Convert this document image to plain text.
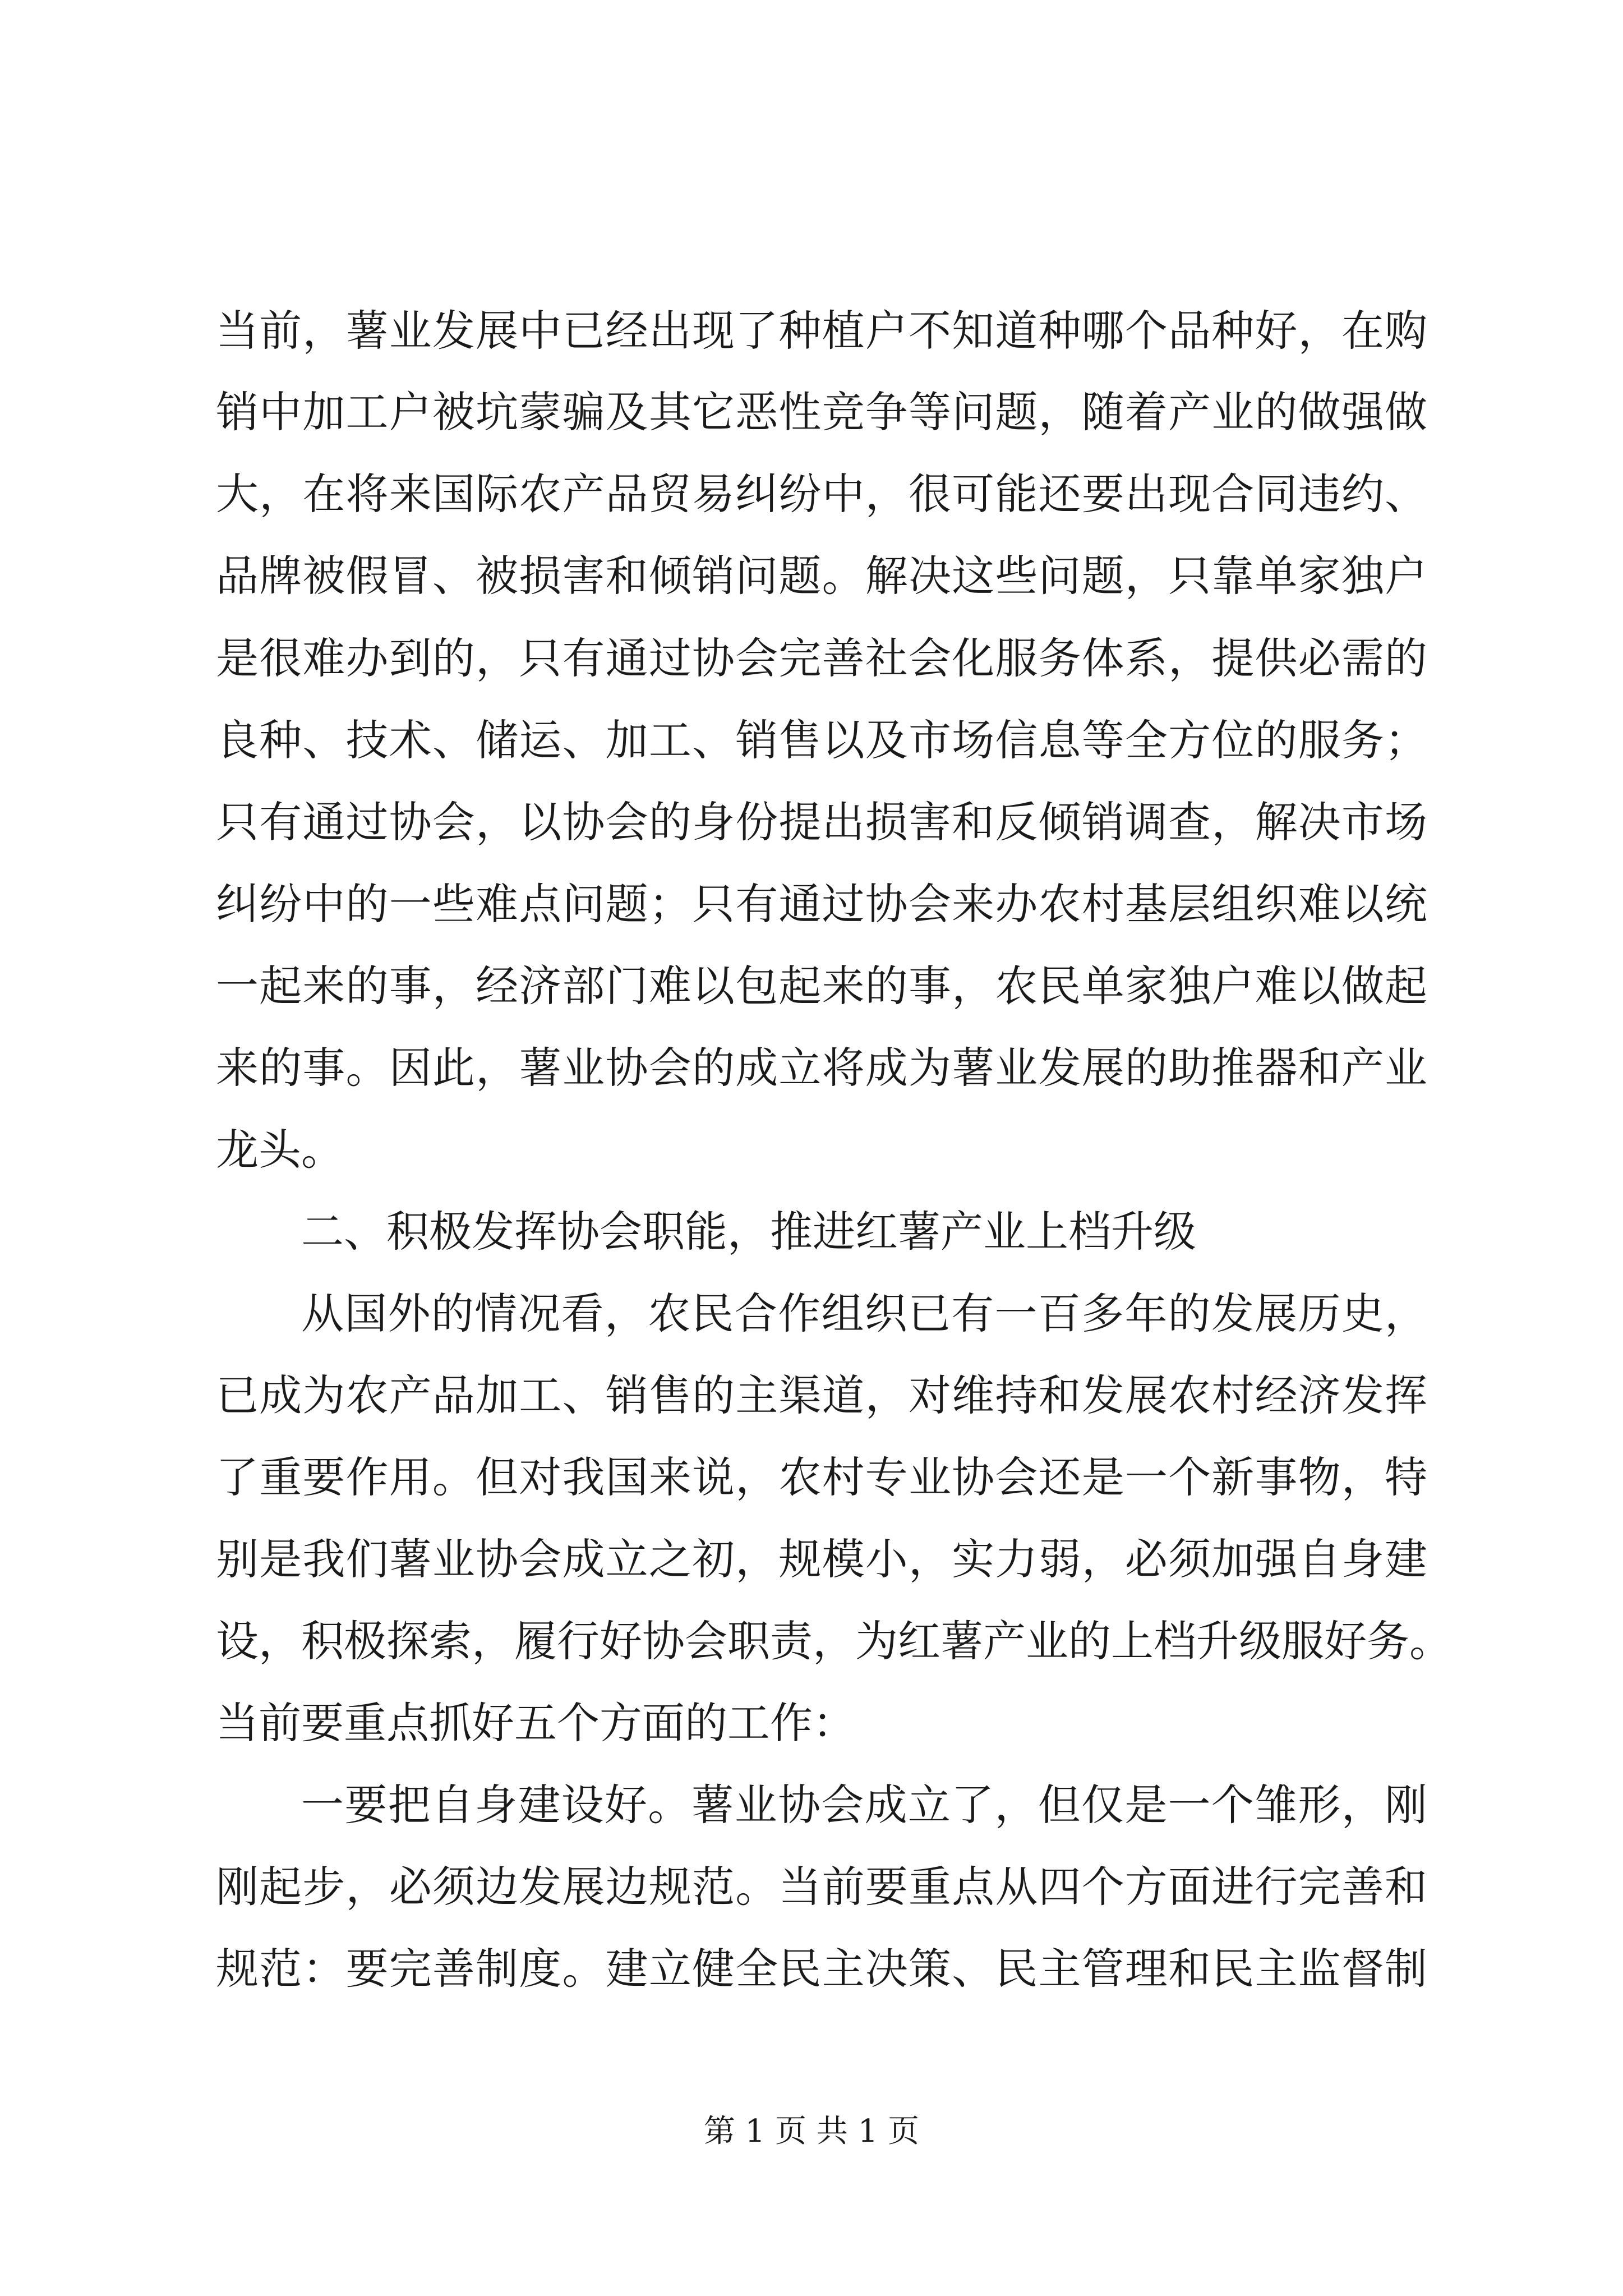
当前，薯业发展中已经出现了种植户不知道种哪个品种好，在购
销中加工户被坑蒙骗及其它恶性竞争等问题，随着产业的做强做
大，在将来国际农产品贸易纠纷中，很可能还要出现合同违约、
品牌被假冒、被损害和倾销问题。解决这些问题，只靠单家独户
是很难办到的，只有通过协会完善社会化服务体系，提供必需的
良种、技术、储运、加工、销售以及市场信息等全方位的服务；
只有通过协会，以协会的身份提出损害和反倾销调查，解决市场
纠纷中的一些难点问题；只有通过协会来办农村基层组织难以统
一起来的事，经济部门难以包起来的事，农民单家独户难以做起
来的事。因此，薯业协会的成立将成为薯业发展的助推器和产业
龙头。
二、积极发挥协会职能，推进红薯产业上档升级
从国外的情况看，农民合作组织已有一百多年的发展历史，
已成为农产品加工、销售的主渠道，对维持和发展农村经济发挥
了重要作用。但对我国来说，农村专业协会还是一个新事物，特
别是我们薯业协会成立之初，规模小，实力弱，必须加强自身建
设，积极探索，履行好协会职责，为红薯产业的上档升级服好务。
当前要重点抓好五个方面的工作：
一要把自身建设好。薯业协会成立了，但仅是一个雏形，刚
刚起步，必须边发展边规范。当前要重点从四个方面进行完善和
规范：要完善制度。建立健全民主决策、民主管理和民主监督制
第 1 页 共 1 页
